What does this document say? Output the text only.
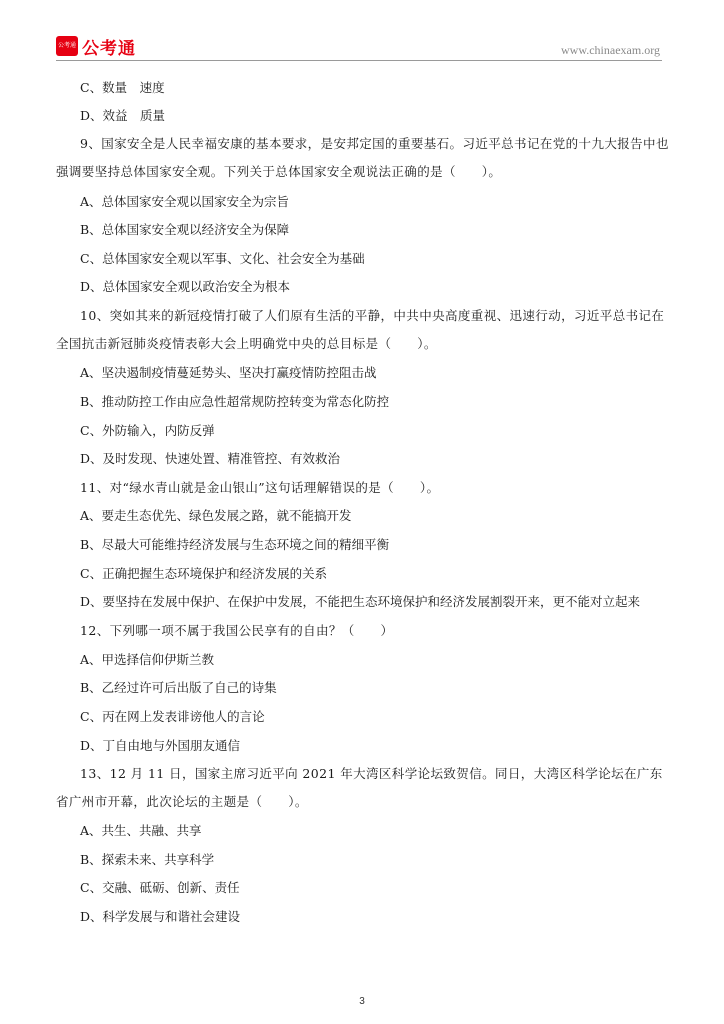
公考通 公考通	www.chinaexam.org
C、数量　速度
D、效益　质量
9、国家安全是人民幸福安康的基本要求，是安邦定国的重要基石。习近平总书记在党的十九大报告中也强调要坚持总体国家安全观。下列关于总体国家安全观说法正确的是（　　）。
A、总体国家安全观以国家安全为宗旨
B、总体国家安全观以经济安全为保障
C、总体国家安全观以军事、文化、社会安全为基础
D、总体国家安全观以政治安全为根本
10、突如其来的新冠疫情打破了人们原有生活的平静，中共中央高度重视、迅速行动，习近平总书记在全国抗击新冠肺炎疫情表彰大会上明确党中央的总目标是（　　）。
A、坚决遏制疫情蔓延势头、坚决打赢疫情防控阻击战
B、推动防控工作由应急性超常规防控转变为常态化防控
C、外防输入，内防反弹
D、及时发现、快速处置、精准管控、有效救治
11、对“绿水青山就是金山银山”这句话理解错误的是（　　）。
A、要走生态优先、绿色发展之路，就不能搞开发
B、尽最大可能维持经济发展与生态环境之间的精细平衡
C、正确把握生态环境保护和经济发展的关系
D、要坚持在发展中保护、在保护中发展，不能把生态环境保护和经济发展割裂开来，更不能对立起来
12、下列哪一项不属于我国公民享有的自由？（　　）
A、甲选择信仰伊斯兰教
B、乙经过许可后出版了自己的诗集
C、丙在网上发表诽谤他人的言论
D、丁自由地与外国朋友通信
13、12 月 11 日，国家主席习近平向 2021 年大湾区科学论坛致贺信。同日，大湾区科学论坛在广东省广州市开幕，此次论坛的主题是（　　）。
A、共生、共融、共享
B、探索未来、共享科学
C、交融、砥砺、创新、责任
D、科学发展与和谐社会建设
3
